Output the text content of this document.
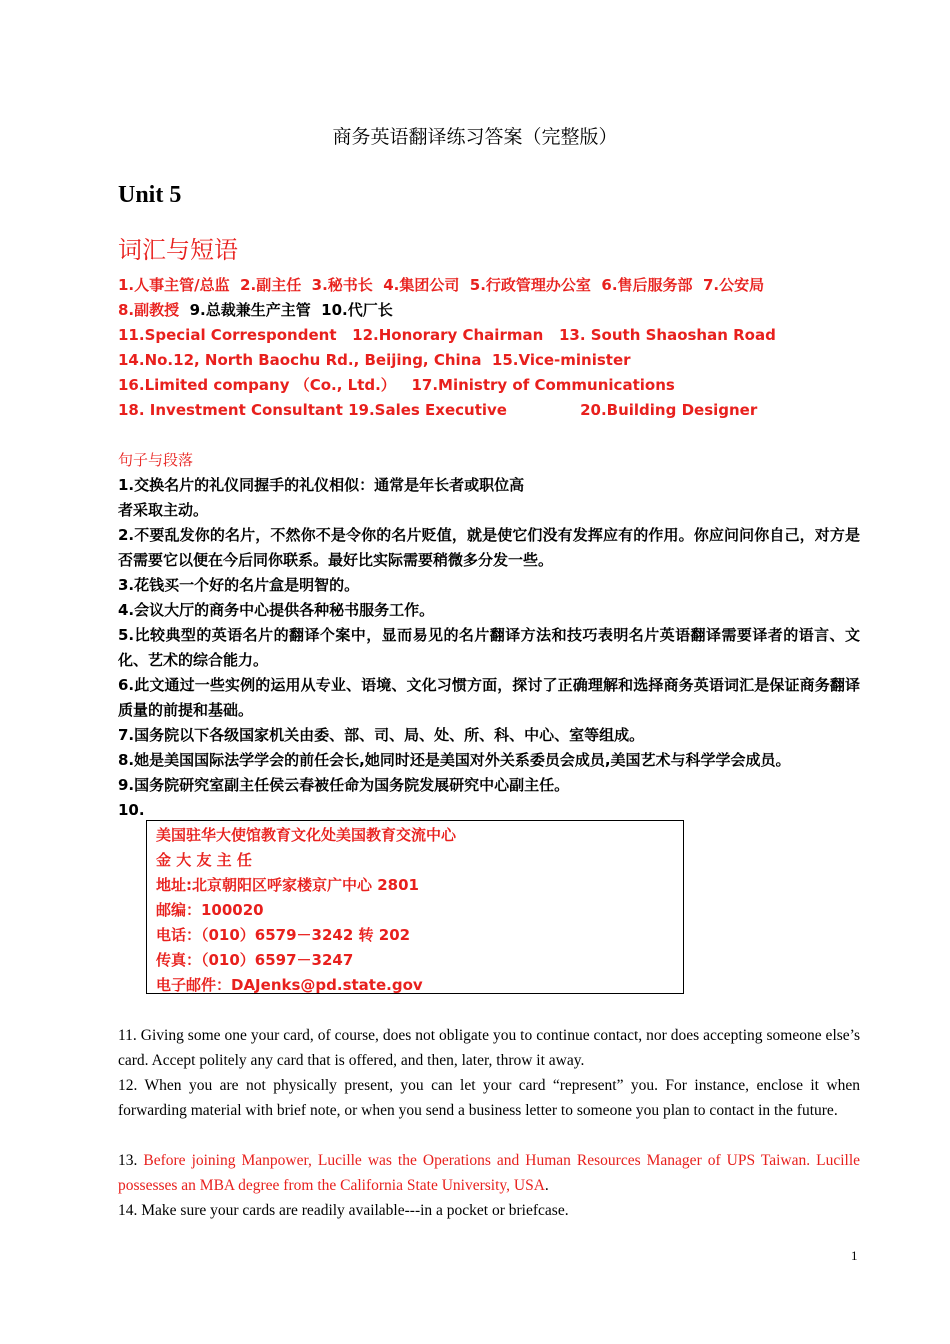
商务英语翻译练习答案（完整版）
Unit 5
词汇与短语
1.人事主管/总监  2.副主任  3.秘书长  4.集团公司  5.行政管理办公室  6.售后服务部  7.公安局
8.副教授  9.总裁兼生产主管  10.代厂长
11.Special Correspondent   12.Honorary Chairman   13. South Shaoshan Road
14.No.12, North Baochu Rd., Beijing, China  15.Vice-minister
16.Limited company （Co., Ltd.）   17.Ministry of Communications
18. Investment Consultant 19.Sales Executive              20.Building Designer
句子与段落
1.交换名片的礼仪同握手的礼仪相似：通常是年长者或职位高
者采取主动。
2.不要乱发你的名片，不然你不是令你的名片贬值，就是使它们没有发挥应有的作用。你应问问你自己，对方是否需要它以便在今后同你联系。最好比实际需要稍微多分发一些。
3.花钱买一个好的名片盒是明智的。
4.会议大厅的商务中心提供各种秘书服务工作。
5.比较典型的英语名片的翻译个案中，显而易见的名片翻译方法和技巧表明名片英语翻译需要译者的语言、文化、艺术的综合能力。
6.此文通过一些实例的运用从专业、语境、文化习惯方面，探讨了正确理解和选择商务英语词汇是保证商务翻译质量的前提和基础。
7.国务院以下各级国家机关由委、部、司、局、处、所、科、中心、室等组成。
8.她是美国国际法学学会的前任会长,她同时还是美国对外关系委员会成员,美国艺术与科学学会成员。
9.国务院研究室副主任侯云春被任命为国务院发展研究中心副主任。
10.
美国驻华大使馆教育文化处美国教育交流中心
金 大 友 主 任
地址:北京朝阳区呼家楼京广中心 2801
邮编：100020
电话：（010）6579－3242 转 202
传真：（010）6597－3247
电子邮件：DAJenks@pd.state.gov
11. Giving some one your card, of course, does not obligate you to continue contact, nor does accepting someone else’s card. Accept politely any card that is offered, and then, later, throw it away.
12. When you are not physically present, you can let your card “represent” you. For instance, enclose it when forwarding material with brief note, or when you send a business letter to someone you plan to contact in the future.
13. Before joining Manpower, Lucille was the Operations and Human Resources Manager of UPS Taiwan. Lucille possesses an MBA degree from the California State University, USA.
14. Make sure your cards are readily available---in a pocket or briefcase.
1
